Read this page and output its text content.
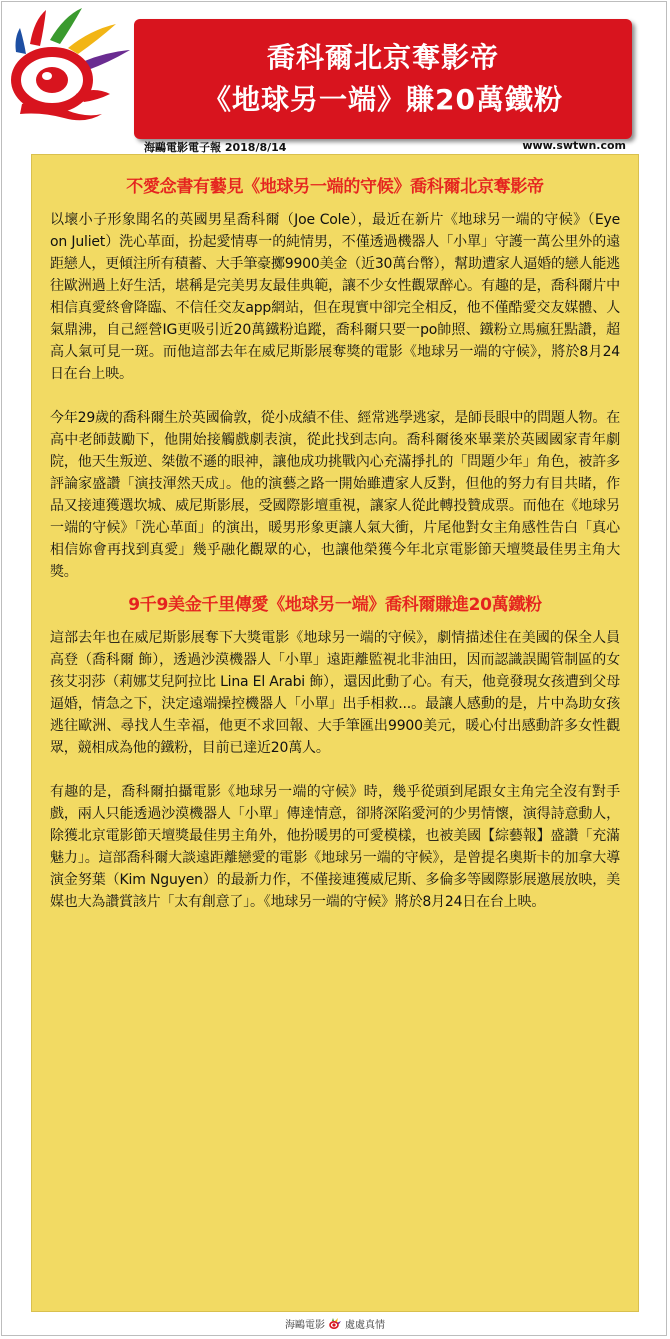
喬科爾北京奪影帝
《地球另一端》賺20萬鐵粉
海鷗電影電子報 2018/8/14	www.swtwn.com
不愛念書有藝見《地球另一端的守候》喬科爾北京奪影帝

以壞小子形象聞名的英國男星喬科爾（Joe Cole），最近在新片《地球另一端的守候》（Eye on Juliet）洗心革面，扮起愛情專一的純情男，不僅透過機器人「小單」守護一萬公里外的遠距戀人，更傾注所有積蓄、大手筆豪擲9900美金（近30萬台幣），幫助遭家人逼婚的戀人能逃往歐洲過上好生活，堪稱是完美男友最佳典範，讓不少女性觀眾醉心。有趣的是，喬科爾片中相信真愛終會降臨、不信任交友app網站，但在現實中卻完全相反，他不僅酷愛交友媒體、人氣鼎沸，自己經營IG更吸引近20萬鐵粉追蹤，喬科爾只要一po帥照、鐵粉立馬瘋狂點讚，超高人氣可見一斑。而他這部去年在威尼斯影展奪獎的電影《地球另一端的守候》，將於8月24日在台上映。

今年29歲的喬科爾生於英國倫敦，從小成績不佳、經常逃學逃家，是師長眼中的問題人物。在高中老師鼓勵下，他開始接觸戲劇表演，從此找到志向。喬科爾後來畢業於英國國家青年劇院，他天生叛逆、桀傲不遜的眼神，讓他成功挑戰內心充滿掙扎的「問題少年」角色，被許多評論家盛讚「演技渾然天成」。他的演藝之路一開始雖遭家人反對，但他的努力有目共睹，作品又接連獲選坎城、威尼斯影展，受國際影壇重視，讓家人從此轉投贊成票。而他在《地球另一端的守候》「洗心革面」的演出，暖男形象更讓人氣大衝，片尾他對女主角感性告白「真心相信妳會再找到真愛」幾乎融化觀眾的心，也讓他榮獲今年北京電影節天壇獎最佳男主角大獎。

9千9美金千里傳愛《地球另一端》喬科爾賺進20萬鐵粉

這部去年也在威尼斯影展奪下大獎電影《地球另一端的守候》，劇情描述住在美國的保全人員高登（喬科爾 飾），透過沙漠機器人「小單」遠距離監視北非油田，因而認識誤闖管制區的女孩艾羽莎（莉娜艾兒阿拉比 Lina El Arabi 飾），還因此動了心。有天，他竟發現女孩遭到父母逼婚，情急之下，決定遠端操控機器人「小單」出手相救...。最讓人感動的是，片中為助女孩逃往歐洲、尋找人生幸福，他更不求回報、大手筆匯出9900美元，暖心付出感動許多女性觀眾，競相成為他的鐵粉，目前已達近20萬人。

有趣的是，喬科爾拍攝電影《地球另一端的守候》時，幾乎從頭到尾跟女主角完全沒有對手戲，兩人只能透過沙漠機器人「小單」傳達情意，卻將深陷愛河的少男情懷，演得詩意動人，除獲北京電影節天壇獎最佳男主角外，他扮暖男的可愛模樣，也被美國【綜藝報】盛讚「充滿魅力」。這部喬科爾大談遠距離戀愛的電影《地球另一端的守候》，是曾提名奧斯卡的加拿大導演金努葉（Kim Nguyen）的最新力作，不僅接連獲威尼斯、多倫多等國際影展邀展放映，美媒也大為讚賞該片「太有創意了」。《地球另一端的守候》將於8月24日在台上映。

海鷗電影 處處真情
